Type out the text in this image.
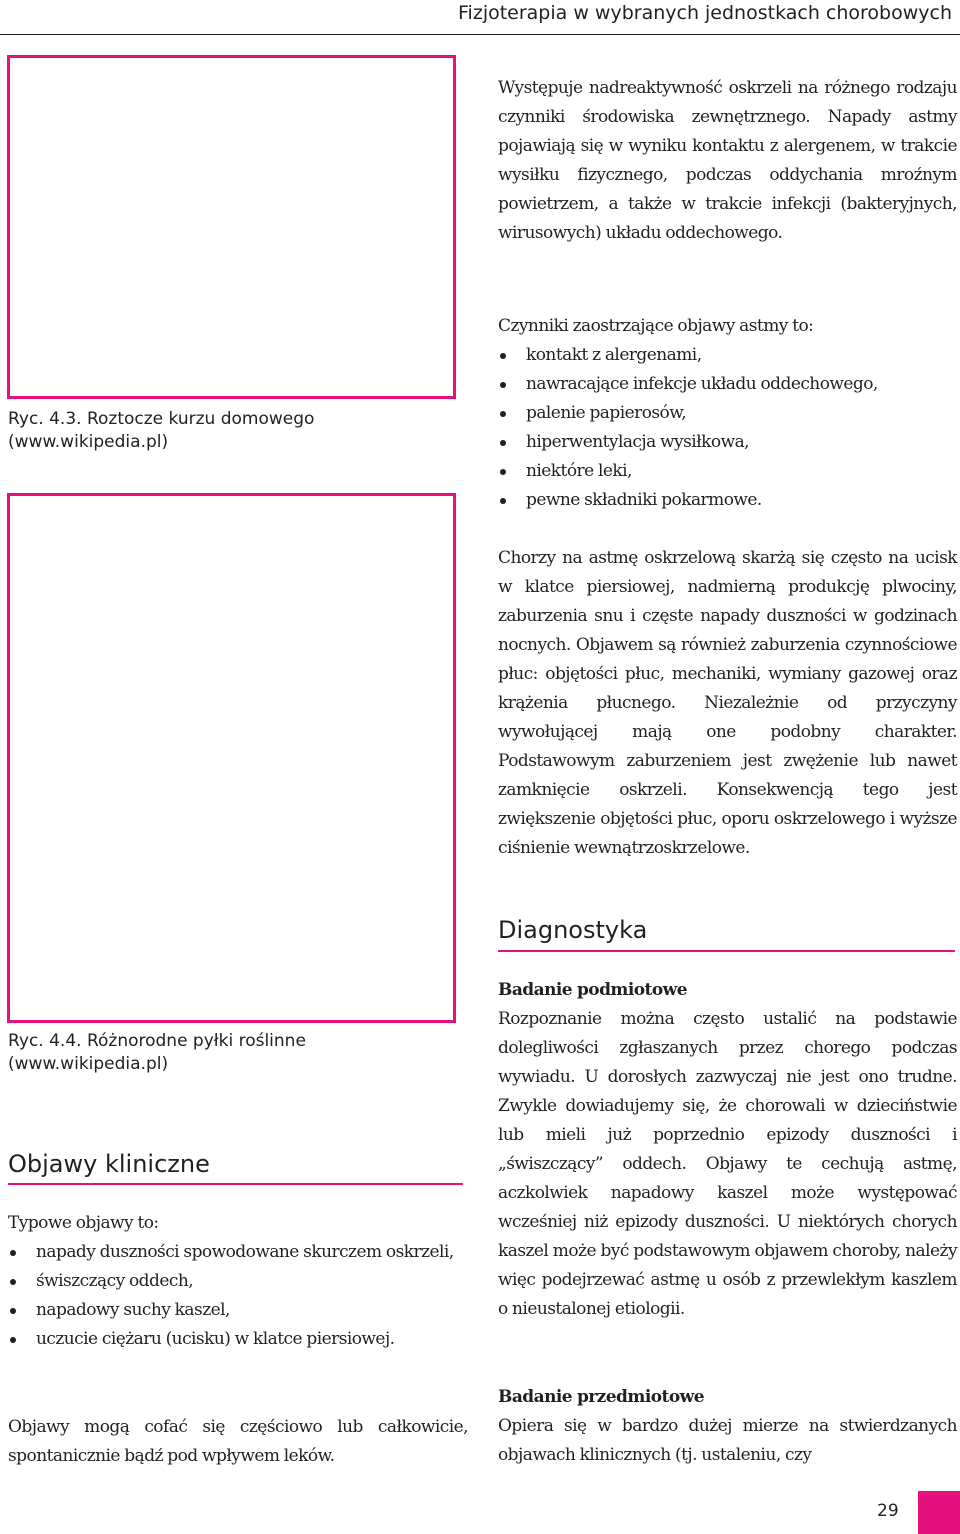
Fizjoterapia w wybranych jednostkach chorobowych
Ryc. 4.3. Roztocze kurzu domowego
(www.wikipedia.pl)
Ryc. 4.4. Różnorodne pyłki roślinne
(www.wikipedia.pl)

Występuje nadreaktywność oskrzeli na różnego rodzaju czynniki środowiska zewnętrznego. Napady astmy pojawiają się w wyniku kontaktu z alergenem, w trakcie wysiłku fizycznego, podczas oddychania mroźnym powietrzem, a także w trakcie infekcji (bakteryjnych, wirusowych) układu oddechowego.

Czynniki zaostrzające objawy astmy to:
kontakt z alergenami,
nawracające infekcje układu oddechowego,
palenie papierosów,
hiperwentylacja wysiłkowa,
niektóre leki,
pewne składniki pokarmowe.

Chorzy na astmę oskrzelową skarżą się często na ucisk w klatce piersiowej, nadmierną produkcję plwociny, zaburzenia snu i częste napady duszności w godzinach nocnych. Objawem są również zaburzenia czynnościowe płuc: objętości płuc, mechaniki, wymiany gazowej oraz krążenia płucnego. Niezależnie od przyczyny wywołującej mają one podobny charakter. Podstawowym zaburzeniem jest zwężenie lub nawet zamknięcie oskrzeli. Konsekwencją tego jest zwiększenie objętości płuc, oporu oskrzelowego i wyższe ciśnienie wewnątrzoskrzelowe.

Diagnostyka
Badanie podmiotowe
Rozpoznanie można często ustalić na podstawie dolegliwości zgłaszanych przez chorego podczas wywiadu. U dorosłych zazwyczaj nie jest ono trudne. Zwykle dowiadujemy się, że chorowali w dzieciństwie lub mieli już poprzednio epizody duszności i „świszczący” oddech. Objawy te cechują astmę, aczkolwiek napadowy kaszel może występować wcześniej niż epizody duszności. U niektórych chorych kaszel może być podstawowym objawem choroby, należy więc podejrzewać astmę u osób z przewlekłym kaszlem o nieustalonej etiologii.
Badanie przedmiotowe
Opiera się w bardzo dużej mierze na stwierdzanych objawach klinicznych (tj. ustaleniu, czy
Objawy kliniczne
Typowe objawy to:
napady duszności spowodowane skurczem oskrzeli,
świszczący oddech,
napadowy suchy kaszel,
uczucie ciężaru (ucisku) w klatce piersiowej.

Objawy mogą cofać się częściowo lub całkowicie, spontanicznie bądź pod wpływem leków.

29
